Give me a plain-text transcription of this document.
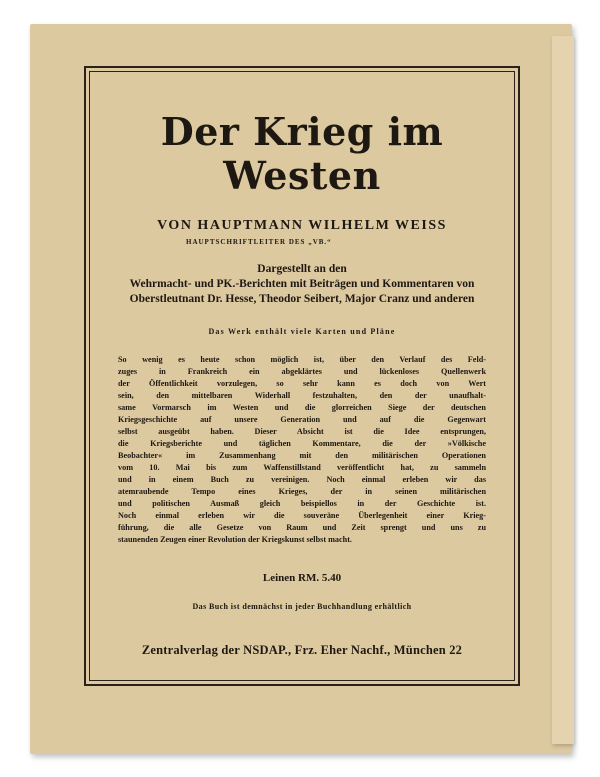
Der Krieg im Westen
VON HAUPTMANN WILHELM WEISS
HAUPTSCHRIFTLEITER DES „VB.“
Dargestellt an den
Wehrmacht- und PK.-Berichten mit Beiträgen und Kommentaren von
Oberstleutnant Dr. Hesse, Theodor Seibert, Major Cranz und anderen
Das Werk enthält viele Karten und Pläne
So wenig es heute schon möglich ist, über den Verlauf des Feld-
zuges in Frankreich ein abgeklärtes und lückenloses Quellenwerk
der Öffentlichkeit vorzulegen, so sehr kann es doch von Wert
sein, den mittelbaren Widerhall festzuhalten, den der unaufhalt-
same Vormarsch im Westen und die glorreichen Siege der deutschen
Kriegsgeschichte auf unsere Generation und auf die Gegenwart
selbst ausgeübt haben. Dieser Absicht ist die Idee entsprungen,
die Kriegsberichte und täglichen Kommentare, die der »Völkische
Beobachter« im Zusammenhang mit den militärischen Operationen
vom 10. Mai bis zum Waffenstillstand veröffentlicht hat, zu sammeln
und in einem Buch zu vereinigen. Noch einmal erleben wir das
atemraubende Tempo eines Krieges, der in seinen militärischen
und politischen Ausmaß gleich beispiellos in der Geschichte ist.
Noch einmal erleben wir die souveräne Überlegenheit einer Krieg-
führung, die alle Gesetze von Raum und Zeit sprengt und uns zu
staunenden Zeugen einer Revolution der Kriegskunst selbst macht.
Leinen RM. 5.40
Das Buch ist demnächst in jeder Buchhandlung erhältlich
Zentralverlag der NSDAP., Frz. Eher Nachf., München 22
